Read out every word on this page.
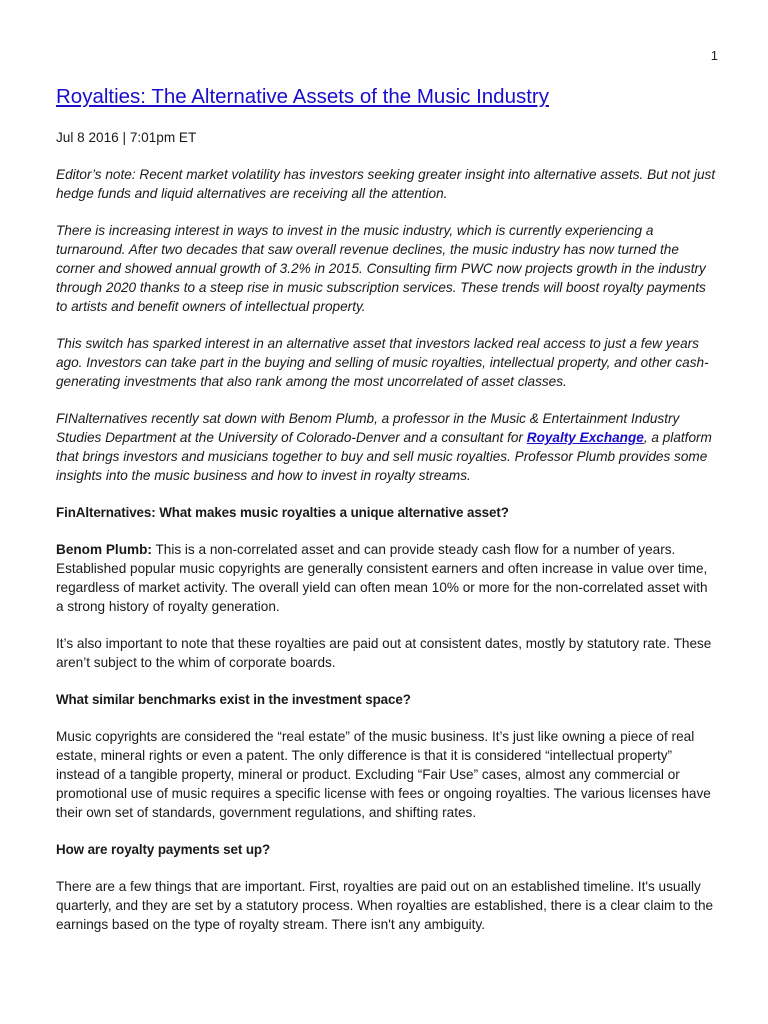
1
Royalties: The Alternative Assets of the Music Industry

Jul 8 2016 | 7:01pm ET

Editor’s note: Recent market volatility has investors seeking greater insight into alternative assets. But not just hedge funds and liquid alternatives are receiving all the attention.

There is increasing interest in ways to invest in the music industry, which is currently experiencing a turnaround. After two decades that saw overall revenue declines, the music industry has now turned the corner and showed annual growth of 3.2% in 2015. Consulting firm PWC now projects growth in the industry through 2020 thanks to a steep rise in music subscription services. These trends will boost royalty payments to artists and benefit owners of intellectual property.

This switch has sparked interest in an alternative asset that investors lacked real access to just a few years ago. Investors can take part in the buying and selling of music royalties, intellectual property, and other cash-generating investments that also rank among the most uncorrelated of asset classes.

FINalternatives recently sat down with Benom Plumb, a professor in the Music & Entertainment Industry Studies Department at the University of Colorado-Denver and a consultant for Royalty Exchange, a platform that brings investors and musicians together to buy and sell music royalties. Professor Plumb provides some insights into the music business and how to invest in royalty streams.

FinAlternatives: What makes music royalties a unique alternative asset?

Benom Plumb: This is a non-correlated asset and can provide steady cash flow for a number of years. Established popular music copyrights are generally consistent earners and often increase in value over time, regardless of market activity. The overall yield can often mean 10% or more for the non-correlated asset with a strong history of royalty generation.

It’s also important to note that these royalties are paid out at consistent dates, mostly by statutory rate. These aren’t subject to the whim of corporate boards.

What similar benchmarks exist in the investment space?

Music copyrights are considered the “real estate” of the music business. It’s just like owning a piece of real estate, mineral rights or even a patent. The only difference is that it is considered “intellectual property” instead of a tangible property, mineral or product. Excluding “Fair Use” cases, almost any commercial or promotional use of music requires a specific license with fees or ongoing royalties. The various licenses have their own set of standards, government regulations, and shifting rates.

How are royalty payments set up?

There are a few things that are important. First, royalties are paid out on an established timeline. It's usually quarterly, and they are set by a statutory process. When royalties are established, there is a clear claim to the earnings based on the type of royalty stream. There isn't any ambiguity.
